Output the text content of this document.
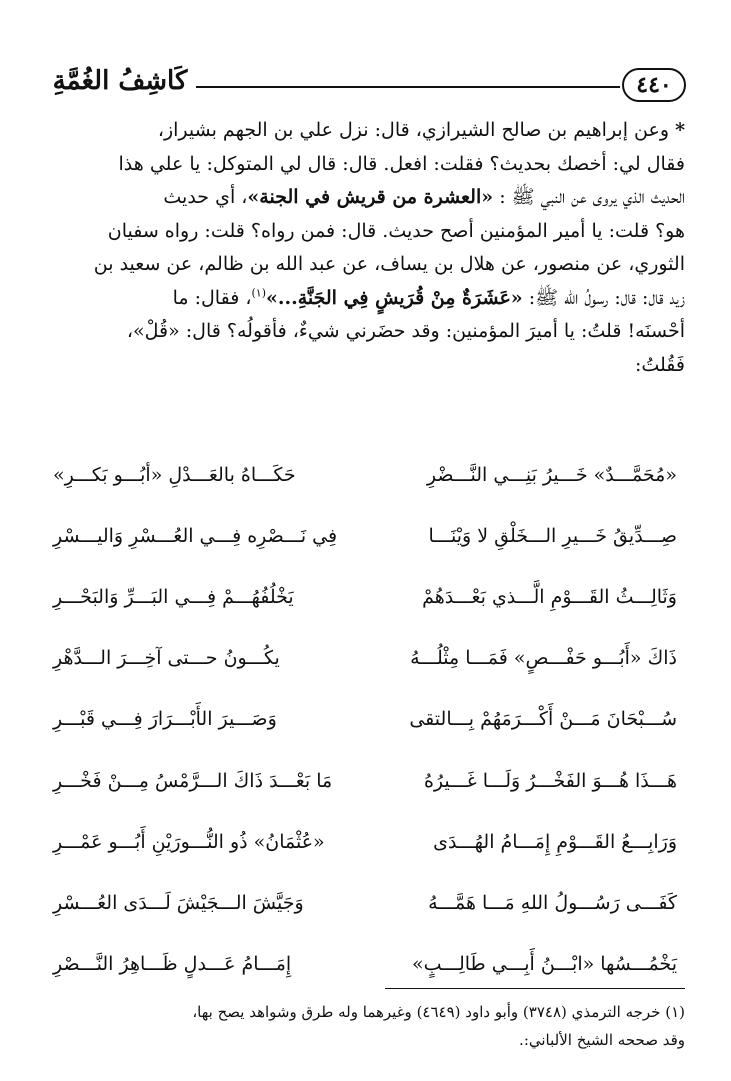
٤٤٠
كَاشِفُ الغُمَّةِ

* وعن إبراهيم بن صالح الشيرازي، قال: نزل علي بن الجهم بشيراز،

فقال لي: أخصك بحديث؟ فقلت: افعل. قال: قال لي المتوكل: يا علي هذا

الحديث الذي يروى عن النبي ﷺ : «العشرة من قريش في الجنة»، أي حديث

هو؟ قلت: يا أمير المؤمنين أصح حديث. قال: فمن رواه؟ قلت: رواه سفيان

الثوري، عن منصور، عن هلال بن يساف، عن عبد الله بن ظالم، عن سعيد بن

زيد قال: قال: رسولُ الله ﷺ: «عَشَرَةٌ مِنْ قُرَيشٍ فِي الجَنَّةِ...»$^{(١)}$، فقال: ما

أحْسنَه! قلتُ: يا أميرَ المؤمنين: وقد حضَرني شيءٌ، فأقولُه؟ قال: «قُلْ»،

فَقُلتُ:

«مُحَمَّـــدٌ» خَـــيرُ بَنِـــي النَّـــضْرِ
حَكَـــاهُ بالعَـــدْلِ «أبُـــو بَكـــرِ»
صِـــدِّيقُ خَـــيرِ الـــخَلْقِ لا وَيْنَـــا
فِي نَـــصْرِه فِـــي العُـــسْرِ وَاليـــسْرِ
وَثَالِـــثُ القَـــوْمِ الَّـــذي بَعْـــدَهُمْ
يَخْلُفُهُـــمْ فِـــي البَـــرِّ وَالبَحْـــرِ
ذَاكَ «أَبُـــو حَفْـــصٍ» فَمَـــا مِثْلُـــهُ
يكُـــونُ حـــتى آخِـــرَ الـــدَّهْرِ
سُـــبْحَانَ مَـــنْ أَكْـــرَمَهُمْ بِـــالتقى
وَصَـــيرَ الأَبْـــرَارَ فِـــي قَبْـــرِ
هَـــذَا هُـــوَ الفَخْـــرُ وَلَـــا غَـــيرُهُ
مَا بَعْـــدَ ذَاكَ الـــرَّمْسُ مِـــنْ فَخْـــرِ
وَرَابِـــعُ القَـــوْمِ إِمَـــامُ الهُـــدَى
«عُثْمَانُ» ذُو النُّـــورَيْنِ أَبُـــو عَمْـــرِ
كَفَـــى رَسُـــولُ اللهِ مَـــا هَمَّـــهُ
وَجَيَّشَ الـــجَيْشَ لَـــدَى العُـــسْرِ
يَخْمُـــسُها «ابْـــنُ أَبِـــي طَالِـــبٍ»
إِمَـــامُ عَـــدلٍ ظَـــاهِرُ النَّـــصْرِ

(١) خرجه الترمذي (٣٧٤٨) وأبو داود (٤٦٤٩) وغيرهما وله طرق وشواهد يصح بها،

وقد صححه الشيخ الألباني:.
